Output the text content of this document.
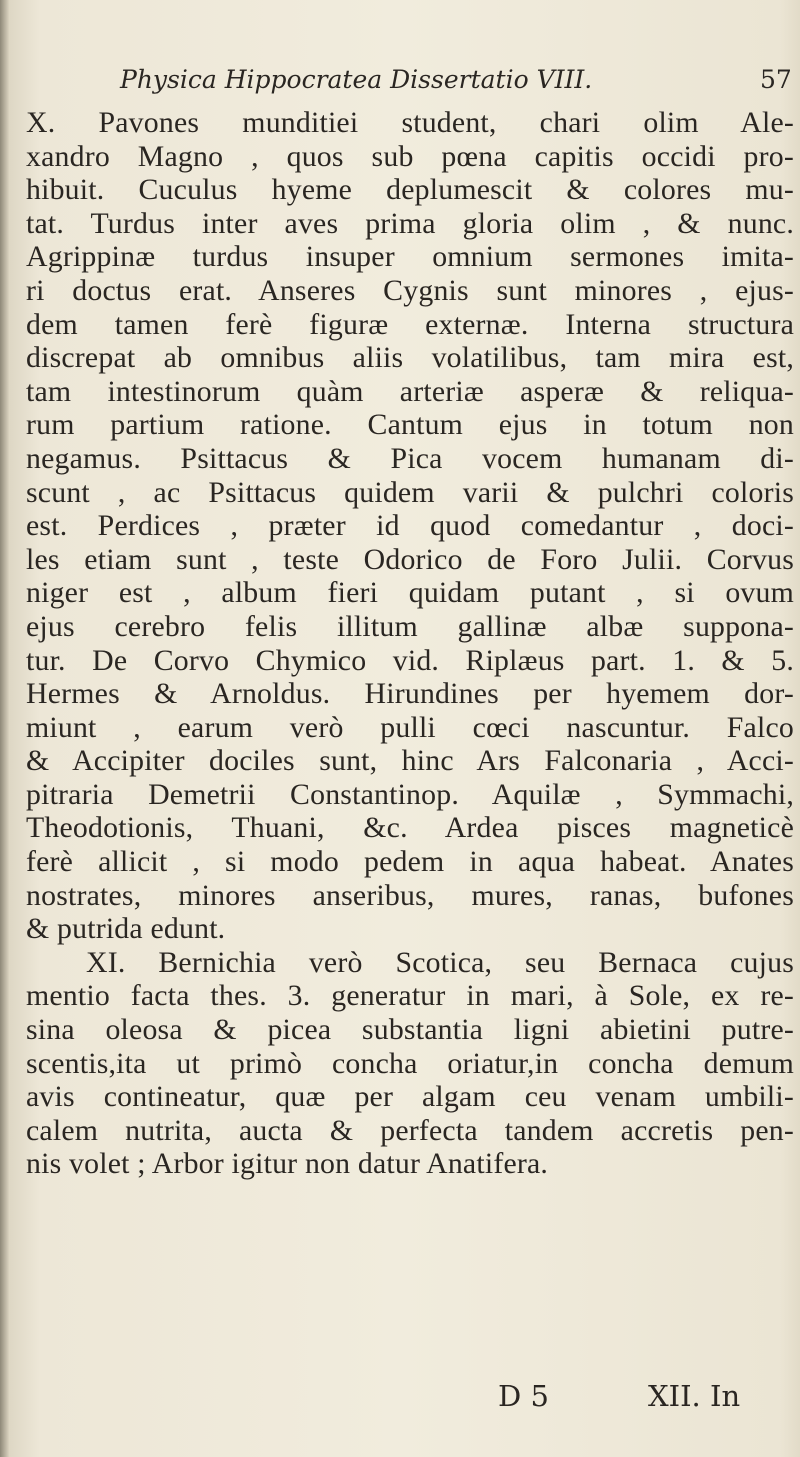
Physica Hippocratea Dissertatio VIII.	57
X. Pavones munditiei student, chari olim Ale-
xandro Magno , quos sub pœna capitis occidi pro-
hibuit. Cuculus hyeme deplumescit & colores mu-
tat. Turdus inter aves prima gloria olim , & nunc.
Agrippinæ turdus insuper omnium sermones imita-
ri doctus erat. Anseres Cygnis sunt minores , ejus-
dem tamen ferè figuræ externæ. Interna structura
discrepat ab omnibus aliis volatilibus, tam mira est,
tam intestinorum quàm arteriæ asperæ & reliqua-
rum partium ratione. Cantum ejus in totum non
negamus. Psittacus & Pica vocem humanam di-
scunt , ac Psittacus quidem varii & pulchri coloris
est. Perdices , præter id quod comedantur , doci-
les etiam sunt , teste Odorico de Foro Julii. Corvus
niger est , album fieri quidam putant , si ovum
ejus cerebro felis illitum gallinæ albæ suppona-
tur. De Corvo Chymico vid. Riplæus part. 1. & 5.
Hermes & Arnoldus. Hirundines per hyemem dor-
miunt , earum verò pulli cœci nascuntur. Falco
& Accipiter dociles sunt, hinc Ars Falconaria , Acci-
pitraria Demetrii Constantinop. Aquilæ , Symmachi,
Theodotionis, Thuani, &c. Ardea pisces magneticè
ferè allicit , si modo pedem in aqua habeat. Anates
nostrates, minores anseribus, mures, ranas, bufones
& putrida edunt.
XI. Bernichia verò Scotica, seu Bernaca cujus
mentio facta thes. 3. generatur in mari, à Sole, ex re-
sina oleosa & picea substantia ligni abietini putre-
scentis,ita ut primò concha oriatur,in concha demum
avis contineatur, quæ per algam ceu venam umbili-
calem nutrita, aucta & perfecta tandem accretis pen-
nis volet ; Arbor igitur non datur Anatifera.
D 5	XII. In
